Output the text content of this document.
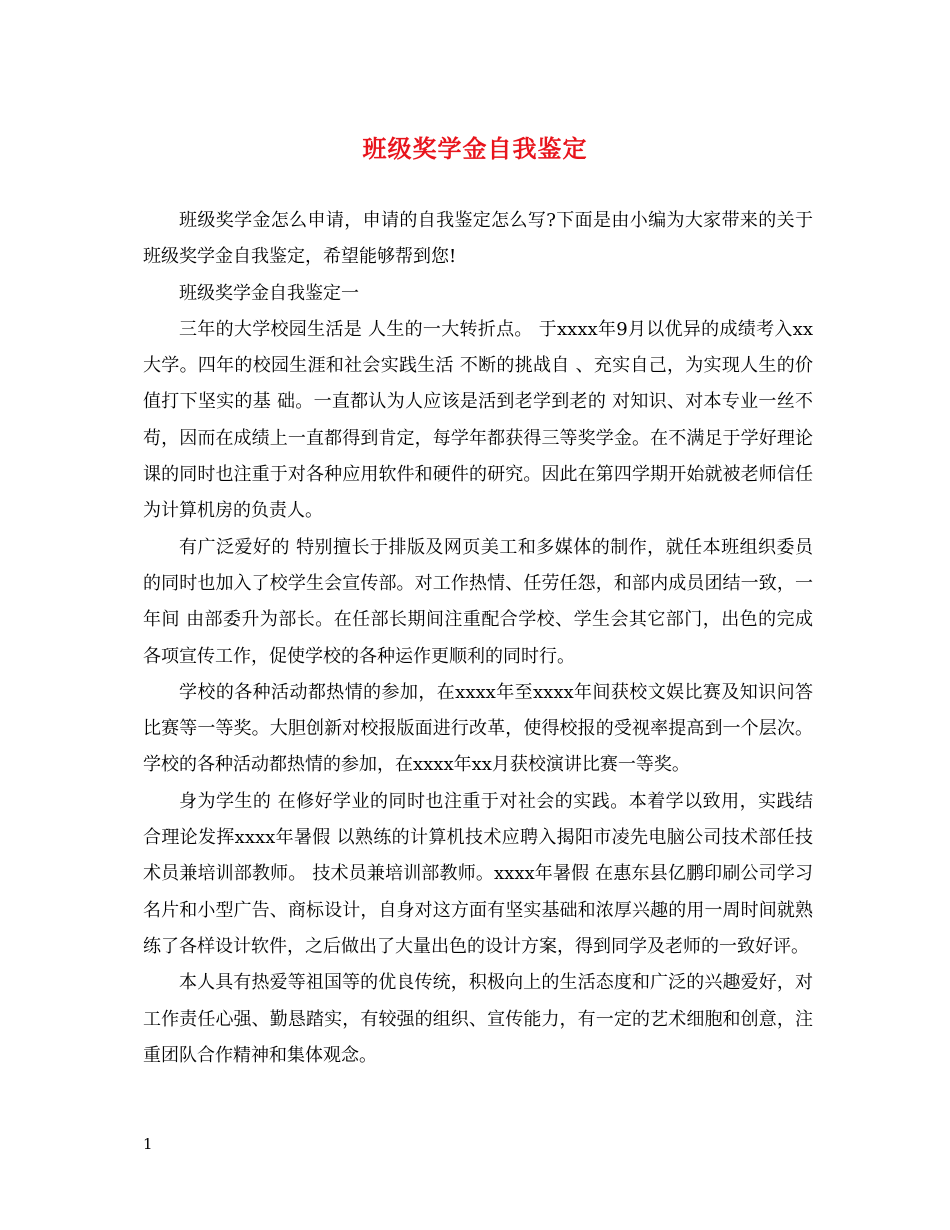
班级奖学金自我鉴定

班级奖学金怎么申请，申请的自我鉴定怎么写?下面是由小编为大家带来的关于班级奖学金自我鉴定，希望能够帮到您!

班级奖学金自我鉴定一

三年的大学校园生活是 人生的一大转折点。 于xxxx年9月以优异的成绩考入xx大学。四年的校园生涯和社会实践生活 不断的挑战自 、充实自己，为实现人生的价值打下坚实的基 础。一直都认为人应该是活到老学到老的 对知识、对本专业一丝不苟，因而在成绩上一直都得到肯定，每学年都获得三等奖学金。在不满足于学好理论课的同时也注重于对各种应用软件和硬件的研究。因此在第四学期开始就被老师信任为计算机房的负责人。

有广泛爱好的 特别擅长于排版及网页美工和多媒体的制作，就任本班组织委员的同时也加入了校学生会宣传部。对工作热情、任劳任怨，和部内成员团结一致，一年间 由部委升为部长。在任部长期间注重配合学校、学生会其它部门，出色的完成各项宣传工作，促使学校的各种运作更顺利的同时行。

学校的各种活动都热情的参加，在xxxx年至xxxx年间获校文娱比赛及知识问答比赛等一等奖。大胆创新对校报版面进行改革，使得校报的受视率提高到一个层次。学校的各种活动都热情的参加，在xxxx年xx月获校演讲比赛一等奖。

身为学生的 在修好学业的同时也注重于对社会的实践。本着学以致用，实践结合理论发挥xxxx年暑假 以熟练的计算机技术应聘入揭阳市凌先电脑公司技术部任技术员兼培训部教师。 技术员兼培训部教师。xxxx年暑假 在惠东县亿鹏印刷公司学习名片和小型广告、商标设计，自身对这方面有坚实基础和浓厚兴趣的用一周时间就熟练了各样设计软件，之后做出了大量出色的设计方案，得到同学及老师的一致好评。

本人具有热爱等祖国等的优良传统，积极向上的生活态度和广泛的兴趣爱好，对工作责任心强、勤恳踏实，有较强的组织、宣传能力，有一定的艺术细胞和创意，注重团队合作精神和集体观念。

1
